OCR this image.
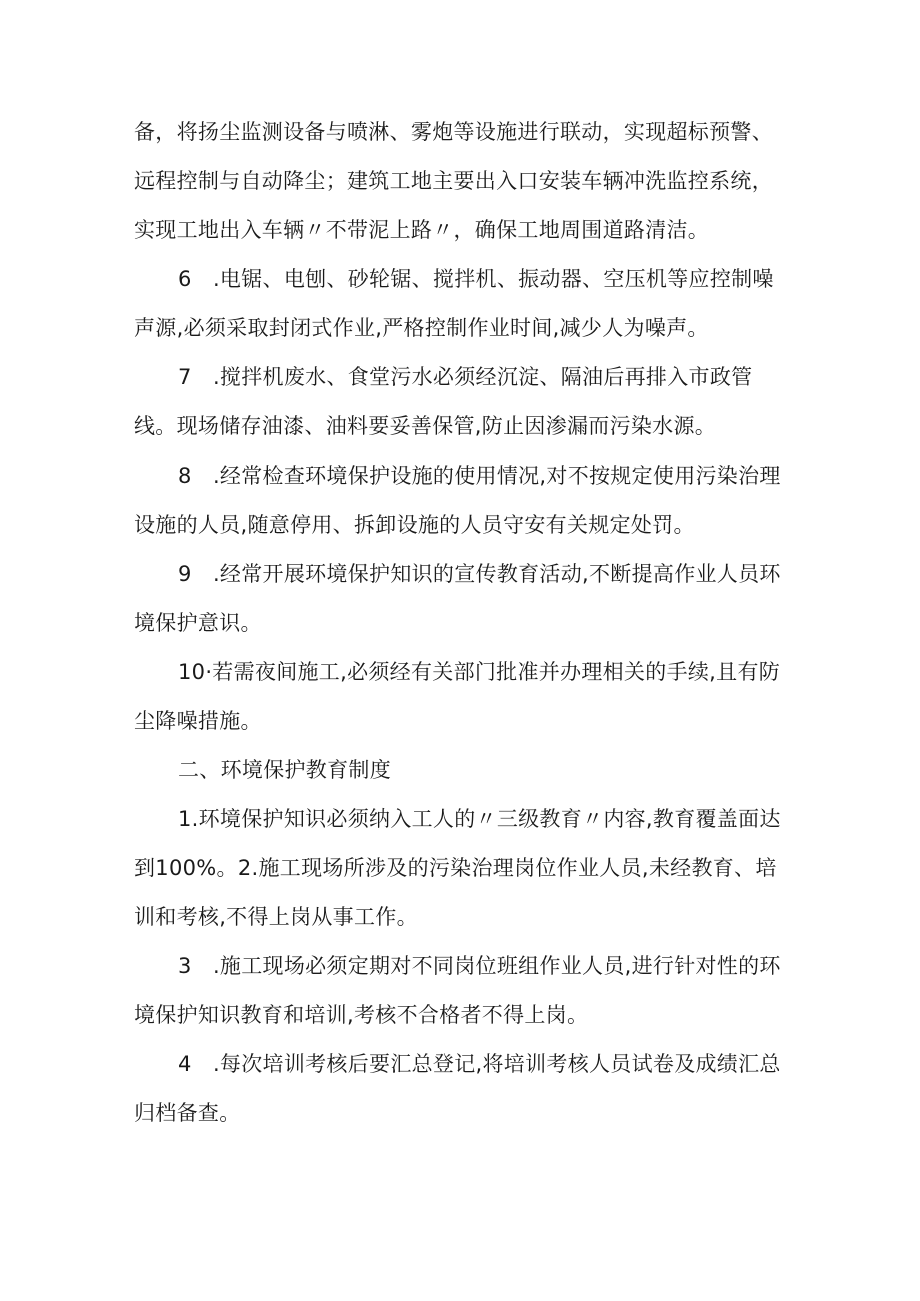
备，将扬尘监测设备与喷淋、雾炮等设施进行联动，实现超标预警、远程控制与自动降尘；建筑工地主要出入口安装车辆冲洗监控系统，实现工地出入车辆〃不带泥上路〃，确保工地周围道路清洁。

6　.电锯、电刨、砂轮锯、搅拌机、振动器、空压机等应控制噪声源,必须采取封闭式作业,严格控制作业时间,减少人为噪声。

7　.搅拌机废水、食堂污水必须经沉淀、隔油后再排入市政管线。现场储存油漆、油料要妥善保管,防止因渗漏而污染水源。

8　.经常检查环境保护设施的使用情况,对不按规定使用污染治理设施的人员,随意停用、拆卸设施的人员守安有关规定处罚。

9　.经常开展环境保护知识的宣传教育活动,不断提高作业人员环境保护意识。

10·若需夜间施工,必须经有关部门批准并办理相关的手续,且有防尘降噪措施。

二、环境保护教育制度

1.环境保护知识必须纳入工人的〃三级教育〃内容,教育覆盖面达到100%。2.施工现场所涉及的污染治理岗位作业人员,未经教育、培训和考核,不得上岗从事工作。

3　.施工现场必须定期对不同岗位班组作业人员,进行针对性的环境保护知识教育和培训,考核不合格者不得上岗。

4　.每次培训考核后要汇总登记,将培训考核人员试卷及成绩汇总归档备查。
